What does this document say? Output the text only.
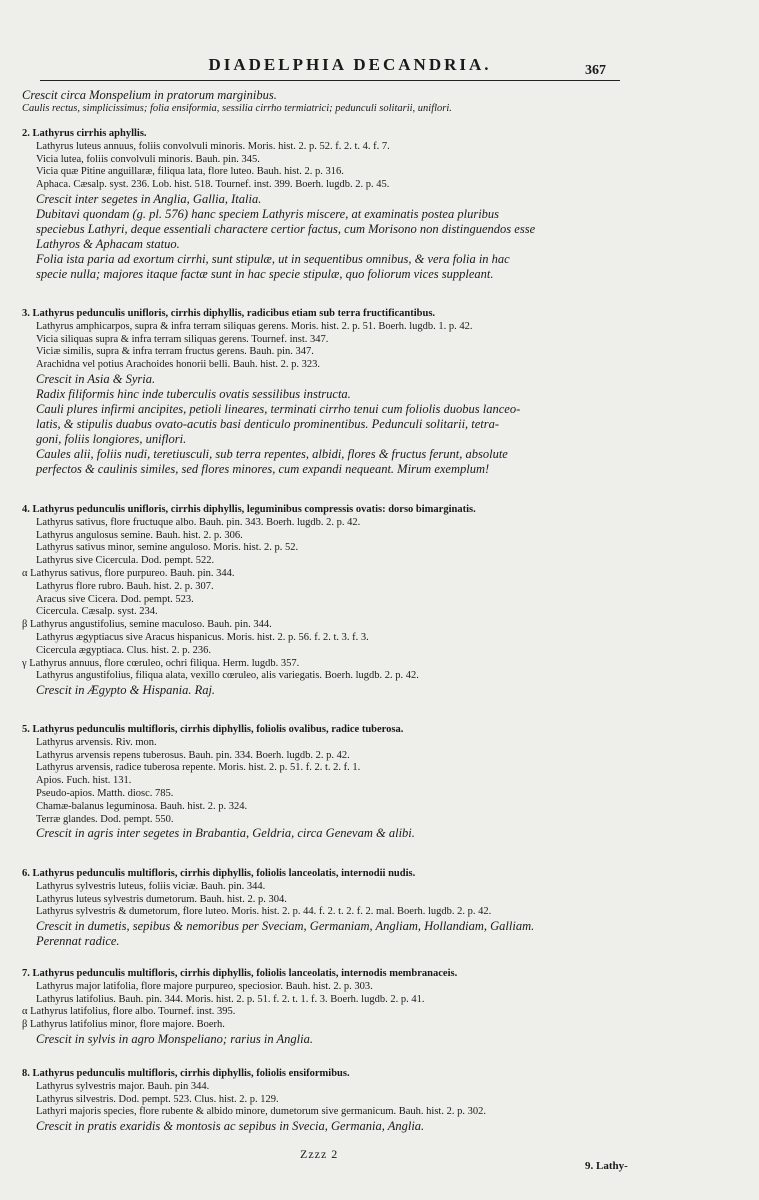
DIADELPHIA DECANDRIA.	367
Crescit circa Monspelium in pratorum marginibus.
Caulis rectus, simplicissimus; folia ensiformia, sessilia cirrho termiatrici; pedunculi solitarii, uniflori.
2. Lathyrus cirrhis aphyllis.
Lathyrus luteus annuus, foliis convolvuli minoris. Moris. hist. 2. p. 52. f. 2. t. 4. f. 7.
Vicia lutea, foliis convolvuli minoris. Bauh. pin. 345.
Vicia quæ Pitine anguillaræ, filiqua lata, flore luteo. Bauh. hist. 2. p. 316.
Aphaca. Cæsalp. syst. 236. Lob. hist. 518. Tournef. inst. 399. Boerh. lugdb. 2. p. 45.
Crescit inter segetes in Anglia, Gallia, Italia.
Dubitavi quondam (g. pl. 576) hanc speciem Lathyris miscere, at examinatis postea pluribus
speciebus Lathyri, deque essentiali charactere certior factus, cum Morisono non distinguendos esse
Lathyros & Aphacam statuo.
Folia ista paria ad exortum cirrhi, sunt stipulæ, ut in sequentibus omnibus, & vera folia in hac
specie nulla; majores itaque factæ sunt in hac specie stipulæ, quo foliorum vices suppleant.
3. Lathyrus pedunculis unifloris, cirrhis diphyllis, radicibus etiam sub terra fructificantibus.
Lathyrus amphicarpos, supra & infra terram siliquas gerens. Moris. hist. 2. p. 51. Boerh. lugdb. 1. p. 42.
Vicia siliquas supra & infra terram siliquas gerens. Tournef. inst. 347.
Viciæ similis, supra & infra terram fructus gerens. Bauh. pin. 347.
Arachidna vel potius Arachoides honorii belli. Bauh. hist. 2. p. 323.
Crescit in Asia & Syria.
Radix filiformis hinc inde tuberculis ovatis sessilibus instructa.
Cauli plures infirmi ancipites, petioli lineares, terminati cirrho tenui cum foliolis duobus lanceo-
latis, & stipulis duabus ovato-acutis basi denticulo prominentibus. Pedunculi solitarii, tetra-
goni, foliis longiores, uniflori.
Caules alii, foliis nudi, teretiusculi, sub terra repentes, albidi, flores & fructus ferunt, absolute
perfectos & caulinis similes, sed flores minores, cum expandi nequeant. Mirum exemplum!
4. Lathyrus pedunculis unifloris, cirrhis diphyllis, leguminibus compressis ovatis: dorso bimarginatis.
Lathyrus sativus, flore fructuque albo. Bauh. pin. 343. Boerh. lugdb. 2. p. 42.
Lathyrus angulosus semine. Bauh. hist. 2. p. 306.
Lathyrus sativus minor, semine anguloso. Moris. hist. 2. p. 52.
Lathyrus sive Cicercula. Dod. pempt. 522.
α Lathyrus sativus, flore purpureo. Bauh. pin. 344.
Lathyrus flore rubro. Bauh. hist. 2. p. 307.
Aracus sive Cicera. Dod. pempt. 523.
Cicercula. Cæsalp. syst. 234.
β Lathyrus angustifolius, semine maculoso. Bauh. pin. 344.
Lathyrus ægyptiacus sive Aracus hispanicus. Moris. hist. 2. p. 56. f. 2. t. 3. f. 3.
Cicercula ægyptiaca. Clus. hist. 2. p. 236.
γ Lathyrus annuus, flore cœruleo, ochri filiqua. Herm. lugdb. 357.
Lathyrus angustifolius, filiqua alata, vexillo cœruleo, alis variegatis. Boerh. lugdb. 2. p. 42.
Crescit in Ægypto & Hispania. Raj.
5. Lathyrus pedunculis multifloris, cirrhis diphyllis, foliolis ovalibus, radice tuberosa.
Lathyrus arvensis. Riv. mon.
Lathyrus arvensis repens tuberosus. Bauh. pin. 334. Boerh. lugdb. 2. p. 42.
Lathyrus arvensis, radice tuberosa repente. Moris. hist. 2. p. 51. f. 2. t. 2. f. 1.
Apios. Fuch. hist. 131.
Pseudo-apios. Matth. diosc. 785.
Chamæ-balanus leguminosa. Bauh. hist. 2. p. 324.
Terræ glandes. Dod. pempt. 550.
Crescit in agris inter segetes in Brabantia, Geldria, circa Genevam & alibi.
6. Lathyrus pedunculis multifloris, cirrhis diphyllis, foliolis lanceolatis, internodii nudis.
Lathyrus sylvestris luteus, foliis viciæ. Bauh. pin. 344.
Lathyrus luteus sylvestris dumetorum. Bauh. hist. 2. p. 304.
Lathyrus sylvestris & dumetorum, flore luteo. Moris. hist. 2. p. 44. f. 2. t. 2. f. 2. mal. Boerh. lugdb. 2. p. 42.
Crescit in dumetis, sepibus & nemoribus per Sveciam, Germaniam, Angliam, Hollandiam, Galliam.
Perennat radice.
7. Lathyrus pedunculis multifloris, cirrhis diphyllis, foliolis lanceolatis, internodis membranaceis.
Lathyrus major latifolia, flore majore purpureo, speciosior. Bauh. hist. 2. p. 303.
Lathyrus latifolius. Bauh. pin. 344. Moris. hist. 2. p. 51. f. 2. t. 1. f. 3. Boerh. lugdb. 2. p. 41.
α Lathyrus latifolius, flore albo. Tournef. inst. 395.
β Lathyrus latifolius minor, flore majore. Boerh.
Crescit in sylvis in agro Monspeliano; rarius in Anglia.
8. Lathyrus pedunculis multifloris, cirrhis diphyllis, foliolis ensiformibus.
Lathyrus sylvestris major. Bauh. pin 344.
Lathyrus silvestris. Dod. pempt. 523. Clus. hist. 2. p. 129.
Lathyri majoris species, flore rubente & albido minore, dumetorum sive germanicum. Bauh. hist. 2. p. 302.
Crescit in pratis exaridis & montosis ac sepibus in Svecia, Germania, Anglia.
Zzzz 2
9. Lathy-
